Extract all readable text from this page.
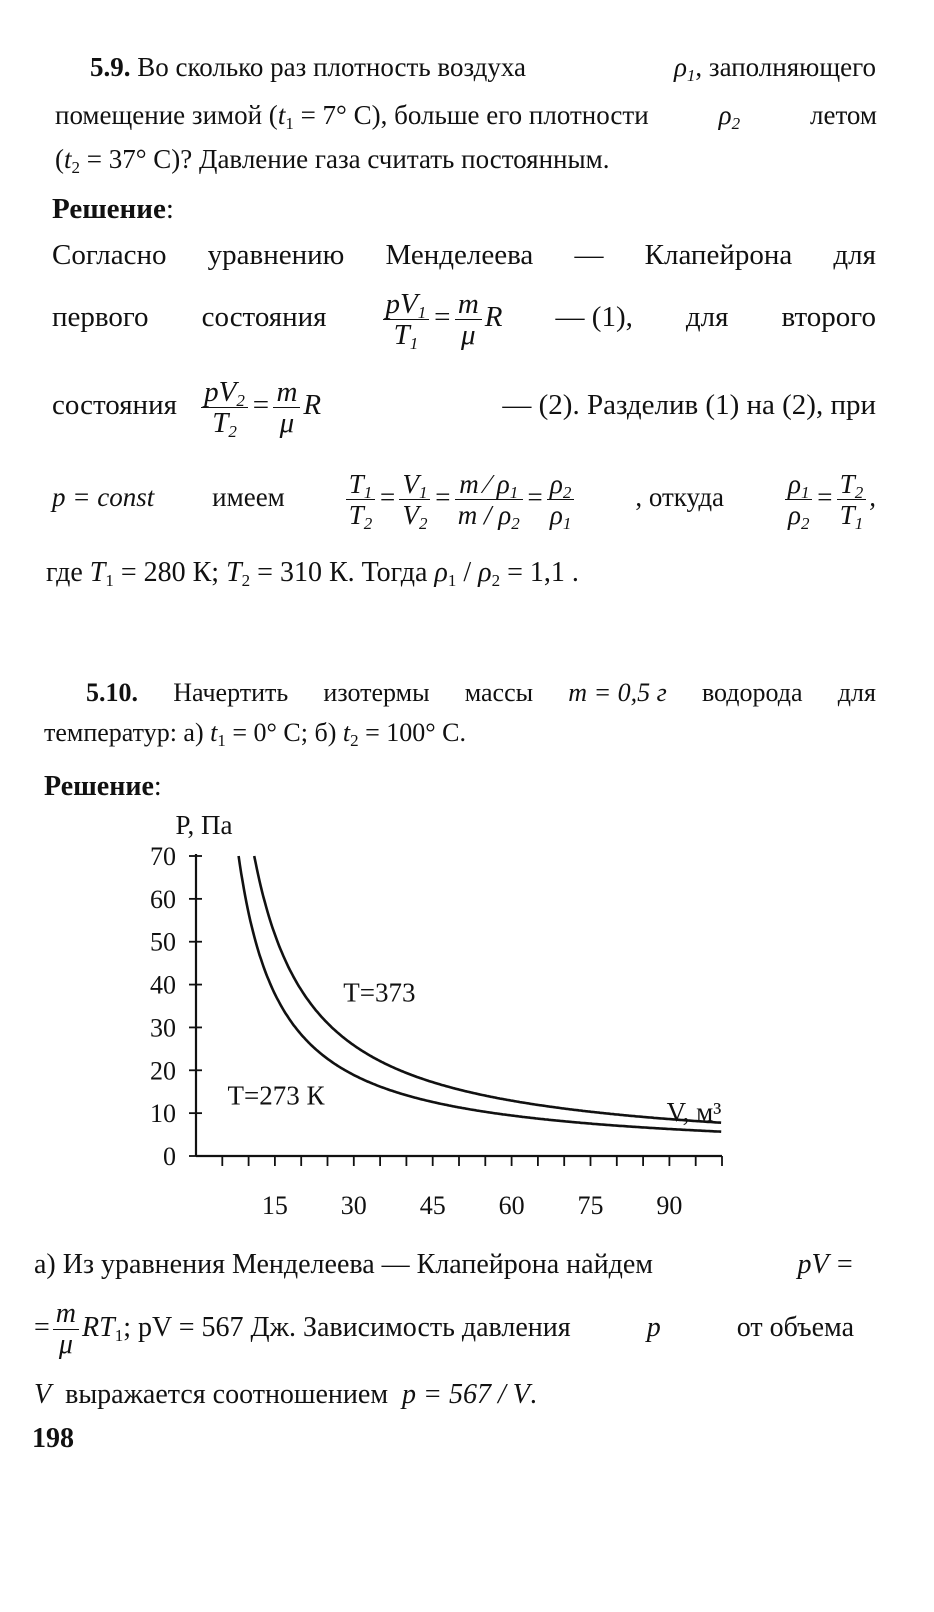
5.9. Во сколько раз плотность воздуха	$\rho_1$, заполняющего
помещение зимой ($t_1 = 7^\circ$ С), больше его плотности	$\rho_2$	летом
($t_2 = 37^\circ$ С)? Давление газа считать постоянным.
Решение:
Согласно уравнению Менделеева — Клапейрона для
первого состояния $\frac{pV_1}{T_1} = \frac{m}{\mu}$ R — (1), для второго
состояния $\frac{pV_2}{T_2} = \frac{m}{\mu}$ R	— (2). Разделив (1) на (2), при
p = const имеем $\frac{T_1}{T_2} = \frac{V_1}{V_2} = \frac{m ⁄ \rho_1}{m / \rho_2} = \frac{\rho_2}{\rho_1}$ , откуда $\frac{\rho_1}{\rho_2} = \frac{T_2}{T_1}$ ,
где $T_1 = 280$ К; $T_2 = 310$ К. Тогда $\rho_1 / \rho_2 = 1,1$ .
5.10. Начертить изотермы массы m = 0,5 г водорода для
температур: а) $t_1 = 0^\circ$ С; б) $t_2 = 100^\circ$ С.
Решение:
15 30 45 60 75 90
0
10
20
30
40
50
60
70
P, Па
V, м³
T=373
T=273 К
а) Из уравнения Менделеева — Клапейрона найдем	pV =
= $\frac{m}{\mu} RT_1$; pV = 567 Дж. Зависимость давления	p	от объема
V выражается соотношением p = 567 / V.
198
